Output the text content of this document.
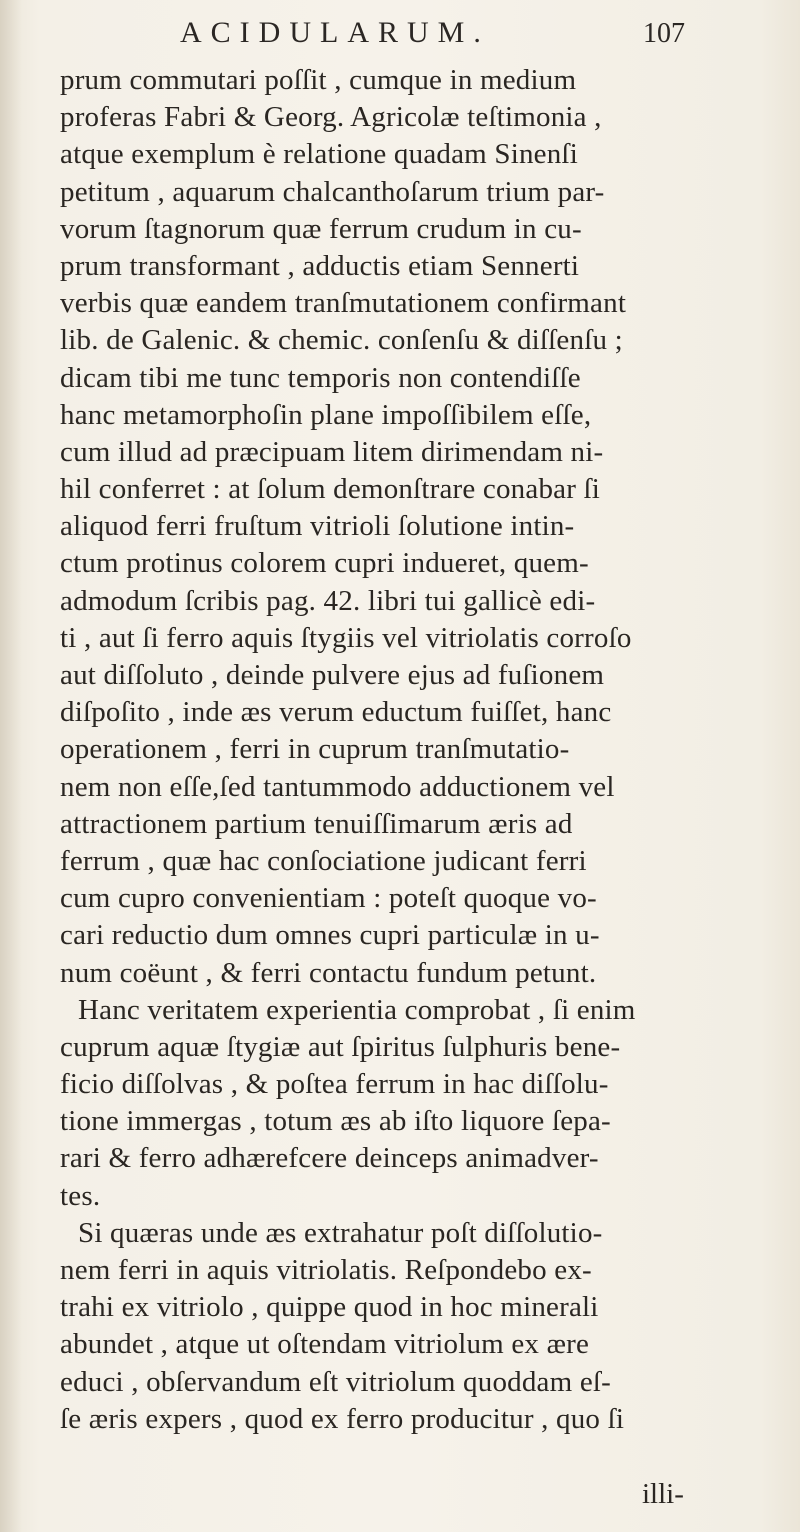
ACIDULARUM.	107
prum commutari poſſit , cumque in medium
proferas Fabri & Georg. Agricolæ teſtimonia ,
atque exemplum è relatione quadam Sinenſi
petitum , aquarum chalcanthoſarum trium par-
vorum ſtagnorum quæ ferrum crudum in cu-
prum transformant , adductis etiam Sennerti
verbis quæ eandem tranſmutationem confirmant
lib. de Galenic. & chemic. conſenſu & diſſenſu ;
dicam tibi me tunc temporis non contendiſſe
hanc metamorphoſin plane impoſſibilem eſſe,
cum illud ad præcipuam litem dirimendam ni-
hil conferret : at ſolum demonſtrare conabar ſi
aliquod ferri fruſtum vitrioli ſolutione intin-
ctum protinus colorem cupri indueret, quem-
admodum ſcribis pag. 42. libri tui gallicè edi-
ti , aut ſi ferro aquis ſtygiis vel vitriolatis corroſo
aut diſſoluto , deinde pulvere ejus ad fuſionem
diſpoſito , inde æs verum eductum fuiſſet, hanc
operationem , ferri in cuprum tranſmutatio-
nem non eſſe,ſed tantummodo adductionem vel
attractionem partium tenuiſſimarum æris ad
ferrum , quæ hac conſociatione judicant ferri
cum cupro convenientiam : poteſt quoque vo-
cari reductio dum omnes cupri particulæ in u-
num coëunt , & ferri contactu fundum petunt.
Hanc veritatem experientia comprobat , ſi enim
cuprum aquæ ſtygiæ aut ſpiritus ſulphuris bene-
ficio diſſolvas , & poſtea ferrum in hac diſſolu-
tione immergas , totum æs ab iſto liquore ſepa-
rari & ferro adhærefcere deinceps animadver-
tes.
Si quæras unde æs extrahatur poſt diſſolutio-
nem ferri in aquis vitriolatis. Reſpondebo ex-
trahi ex vitriolo , quippe quod in hoc minerali
abundet , atque ut oſtendam vitriolum ex ære
educi , obſervandum eſt vitriolum quoddam eſ-
ſe æris expers , quod ex ferro producitur , quo ſi
illi-
